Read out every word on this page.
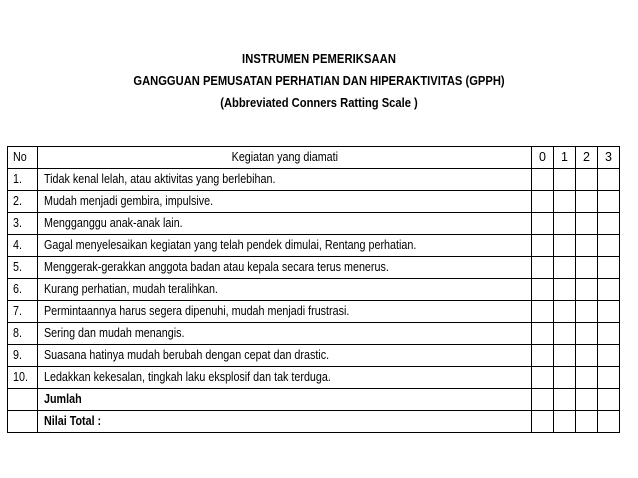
INSTRUMEN PEMERIKSAAN
GANGGUAN PEMUSATAN PERHATIAN DAN HIPERAKTIVITAS (GPPH)
(Abbreviated Conners Ratting Scale )
No	Kegiatan yang diamati	0	1	2	3
1.	Tidak kenal lelah, atau aktivitas yang berlebihan.				
2.	Mudah menjadi gembira, impulsive.				
3.	Mengganggu anak-anak lain.				
4.	Gagal menyelesaikan kegiatan yang telah pendek dimulai, Rentang perhatian.				
5.	Menggerak-gerakkan anggota badan atau kepala secara terus menerus.				
6.	Kurang perhatian, mudah teralihkan.				
7.	Permintaannya harus segera dipenuhi, mudah menjadi frustrasi.				
8.	Sering dan mudah menangis.				
9.	Suasana hatinya mudah berubah dengan cepat dan drastic.				
10.	Ledakkan kekesalan, tingkah laku eksplosif dan tak terduga.				
	Jumlah				
	Nilai Total :				
